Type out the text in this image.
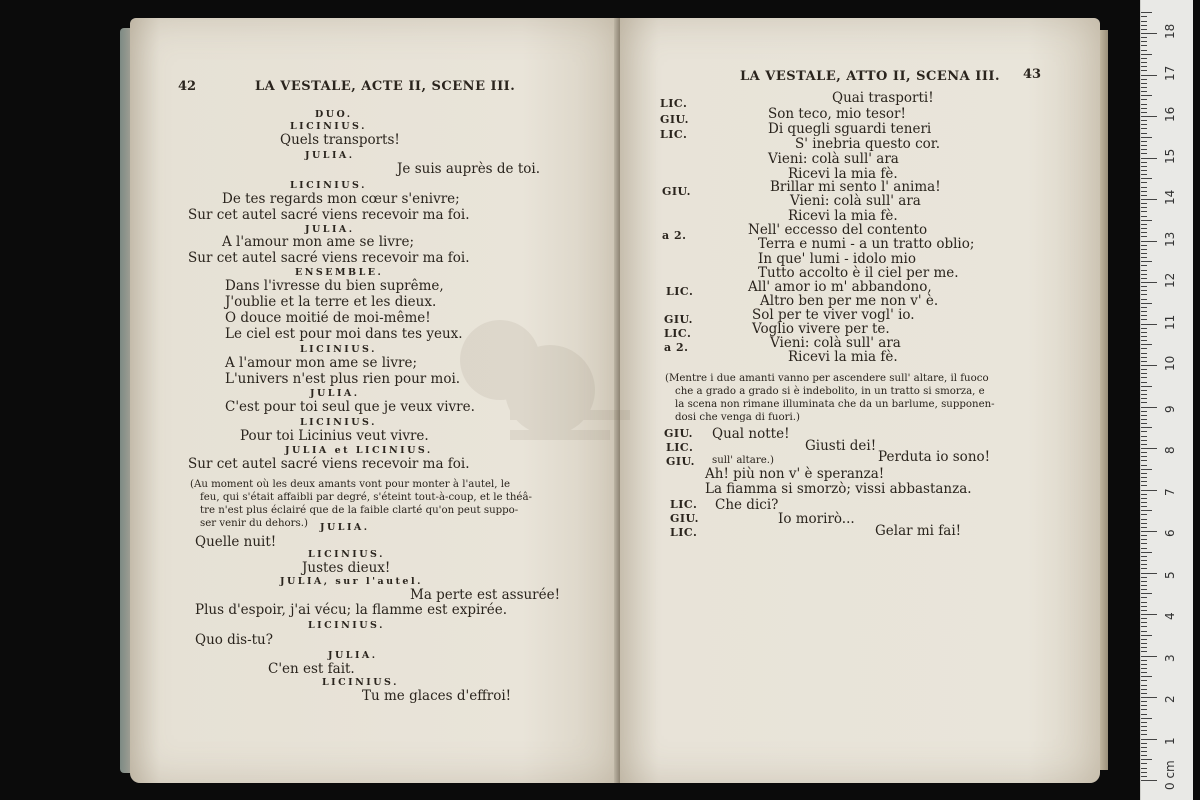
42	LA VESTALE, ACTE II, SCENE III.
DUO.
LICINIUS.
Quels transports!
JULIA.
Je suis auprès de toi.
LICINIUS.
De tes regards mon cœur s'enivre;
Sur cet autel sacré viens recevoir ma foi.
JULIA.
A l'amour mon ame se livre;
Sur cet autel sacré viens recevoir ma foi.
ENSEMBLE.
Dans l'ivresse du bien suprême,
J'oublie et la terre et les dieux.
O douce moitié de moi-même!
Le ciel est pour moi dans tes yeux.
LICINIUS.
A l'amour mon ame se livre;
L'univers n'est plus rien pour moi.
JULIA.
C'est pour toi seul que je veux vivre.
LICINIUS.
Pour toi Licinius veut vivre.
JULIA et LICINIUS.
Sur cet autel sacré viens recevoir ma foi.
(Au moment où les deux amants vont pour monter à l'autel, le
feu, qui s'était affaibli par degré, s'éteint tout-à-coup, et le théâ-
tre n'est plus éclairé que de la faible clarté qu'on peut suppo-
ser venir du dehors.) JULIA.
Quelle nuit!
LICINIUS.
Justes dieux!
JULIA, sur l'autel.
Ma perte est assurée!
Plus d'espoir, j'ai vécu; la flamme est expirée.
LICINIUS.
Quo dis-tu?
JULIA.
C'en est fait.
LICINIUS.
Tu me glaces d'effroi!
LA VESTALE, ATTO II, SCENA III. 43
LIC.
GIU.
LIC.
GIU.
a 2.
LIC.
GIU.
LIC.
a 2.
GIU.
LIC.
GIU.
LIC.
GIU.
LIC.
Quai trasporti!
Son teco, mio tesor!
Di quegli sguardi teneri
S' inebria questo cor.
Vieni: colà sull' ara
Ricevi la mia fè.
Brillar mi sento l' anima!
Vieni: colà sull' ara
Ricevi la mia fè.
Nell' eccesso del contento
Terra e numi - a un tratto oblio;
In que' lumi - idolo mio
Tutto accolto è il ciel per me.
All' amor io m' abbandono,
Altro ben per me non v' è.
Sol per te viver vogl' io.
Voglio vivere per te.
Vieni: colà sull' ara
Ricevi la mia fè.
(Mentre i due amanti vanno per ascendere sull' altare, il fuoco
che a grado a grado si è indebolito, in un tratto si smorza, e
la scena non rimane illuminata che da un barlume, supponen-
dosi che venga di fuori.)
Qual notte!
Giusti dei!
sull' altare.)	Perduta io sono!
Ah! più non v' è speranza!
La fiamma si smorzò; vissi abbastanza.
Che dici?
Io morirò...
Gelar mi fai!
0 cm
1
2
3
4
5
6
7
8
9
10
11
12
13
14
15
16
17
18
